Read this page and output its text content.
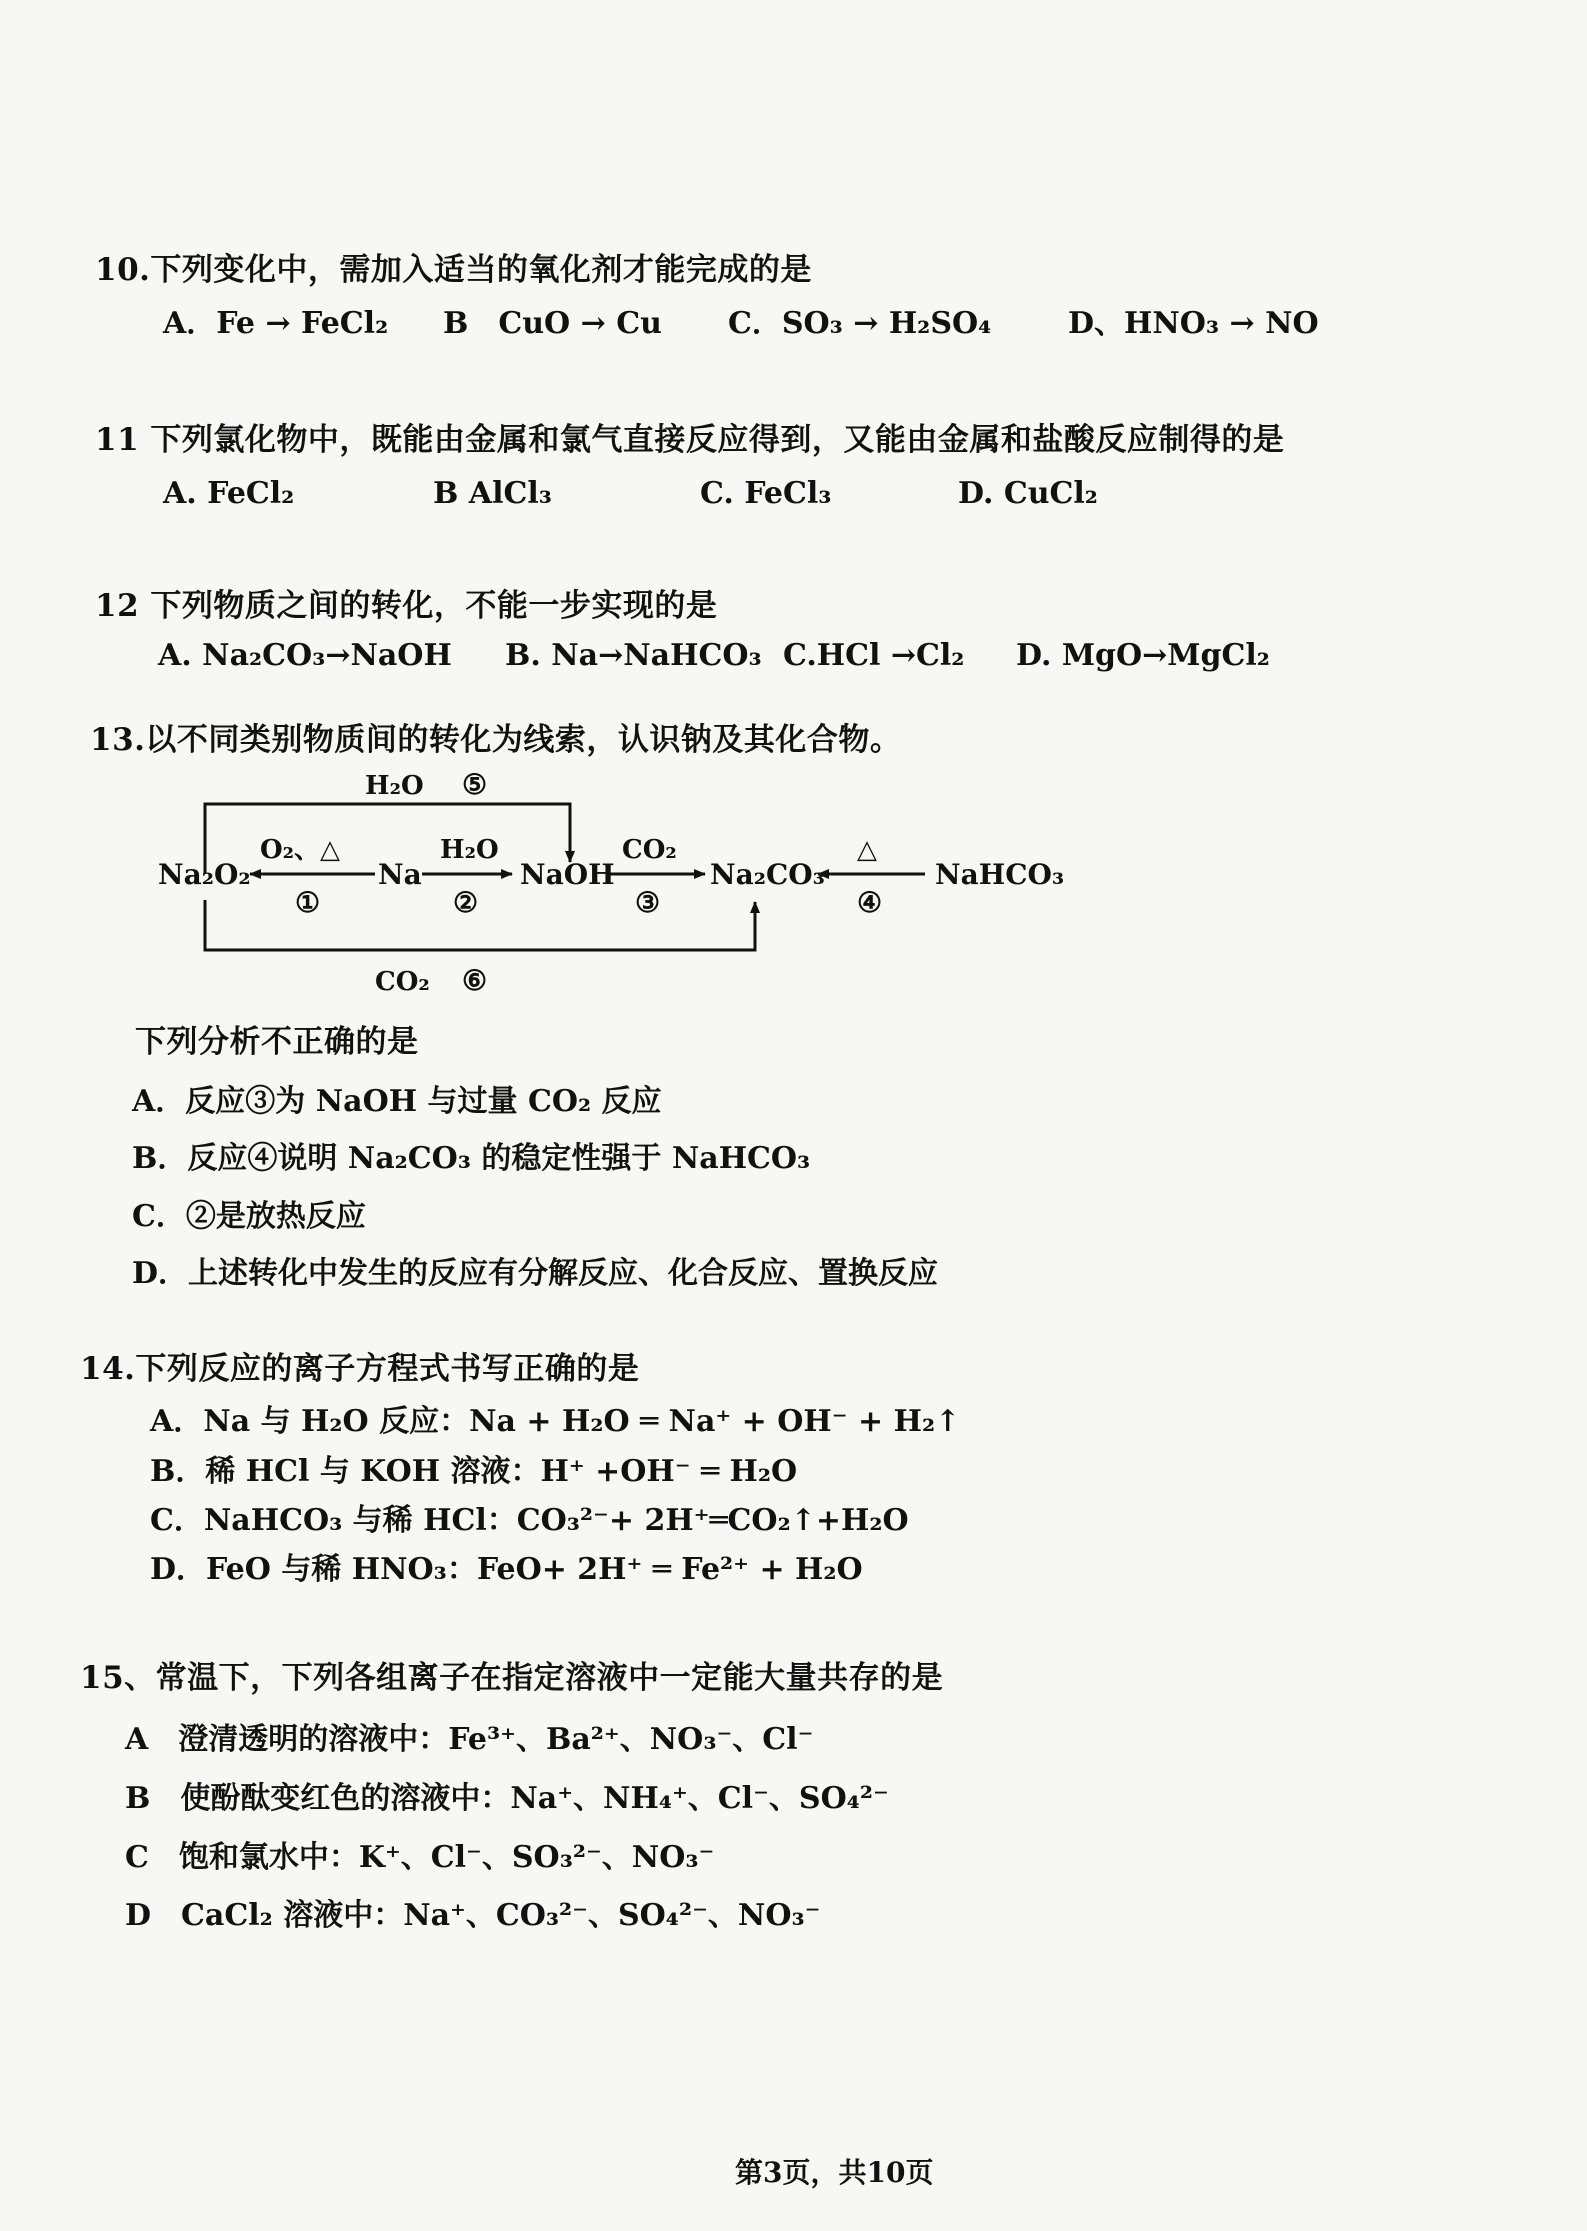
10.下列变化中，需加入适当的氧化剂才能完成的是
A．Fe → FeCl₂ B　CuO → Cu C．SO₃ → H₂SO₄	D、HNO₃ → NO
11 下列氯化物中，既能由金属和氯气直接反应得到，又能由金属和盐酸反应制得的是
A. FeCl₂	B AlCl₃	C. FeCl₃	D. CuCl₂
12 下列物质之间的转化，不能一步实现的是
A. Na₂CO₃→NaOH B. Na→NaHCO₃ C.HCl →Cl₂ D. MgO→MgCl₂
13.以不同类别物质间的转化为线索，认识钠及其化合物。
Na₂O₂	Na	NaOH	Na₂CO₃	NaHCO₃
O₂、△
①
H₂O
②
CO₂
③
△
④
H₂O ⑤
CO₂ ⑥
下列分析不正确的是
A．反应③为 NaOH 与过量 CO₂ 反应
B．反应④说明 Na₂CO₃ 的稳定性强于 NaHCO₃
C．②是放热反应
D．上述转化中发生的反应有分解反应、化合反应、置换反应
14.下列反应的离子方程式书写正确的是
A．Na 与 H₂O 反应：Na + H₂O ═ Na⁺ + OH⁻ + H₂↑
B．稀 HCl 与 KOH 溶液：H⁺ +OH⁻ ═ H₂O
C．NaHCO₃ 与稀 HCl：CO₃²⁻+ 2H⁺═CO₂↑+H₂O
D．FeO 与稀 HNO₃：FeO+ 2H⁺ ═ Fe²⁺ + H₂O
15、常温下，下列各组离子在指定溶液中一定能大量共存的是
A　澄清透明的溶液中：Fe³⁺、Ba²⁺、NO₃⁻、Cl⁻
B　使酚酞变红色的溶液中：Na⁺、NH₄⁺、Cl⁻、SO₄²⁻
C　饱和氯水中：K⁺、Cl⁻、SO₃²⁻、NO₃⁻
D　CaCl₂ 溶液中：Na⁺、CO₃²⁻、SO₄²⁻、NO₃⁻
第3页，共10页
